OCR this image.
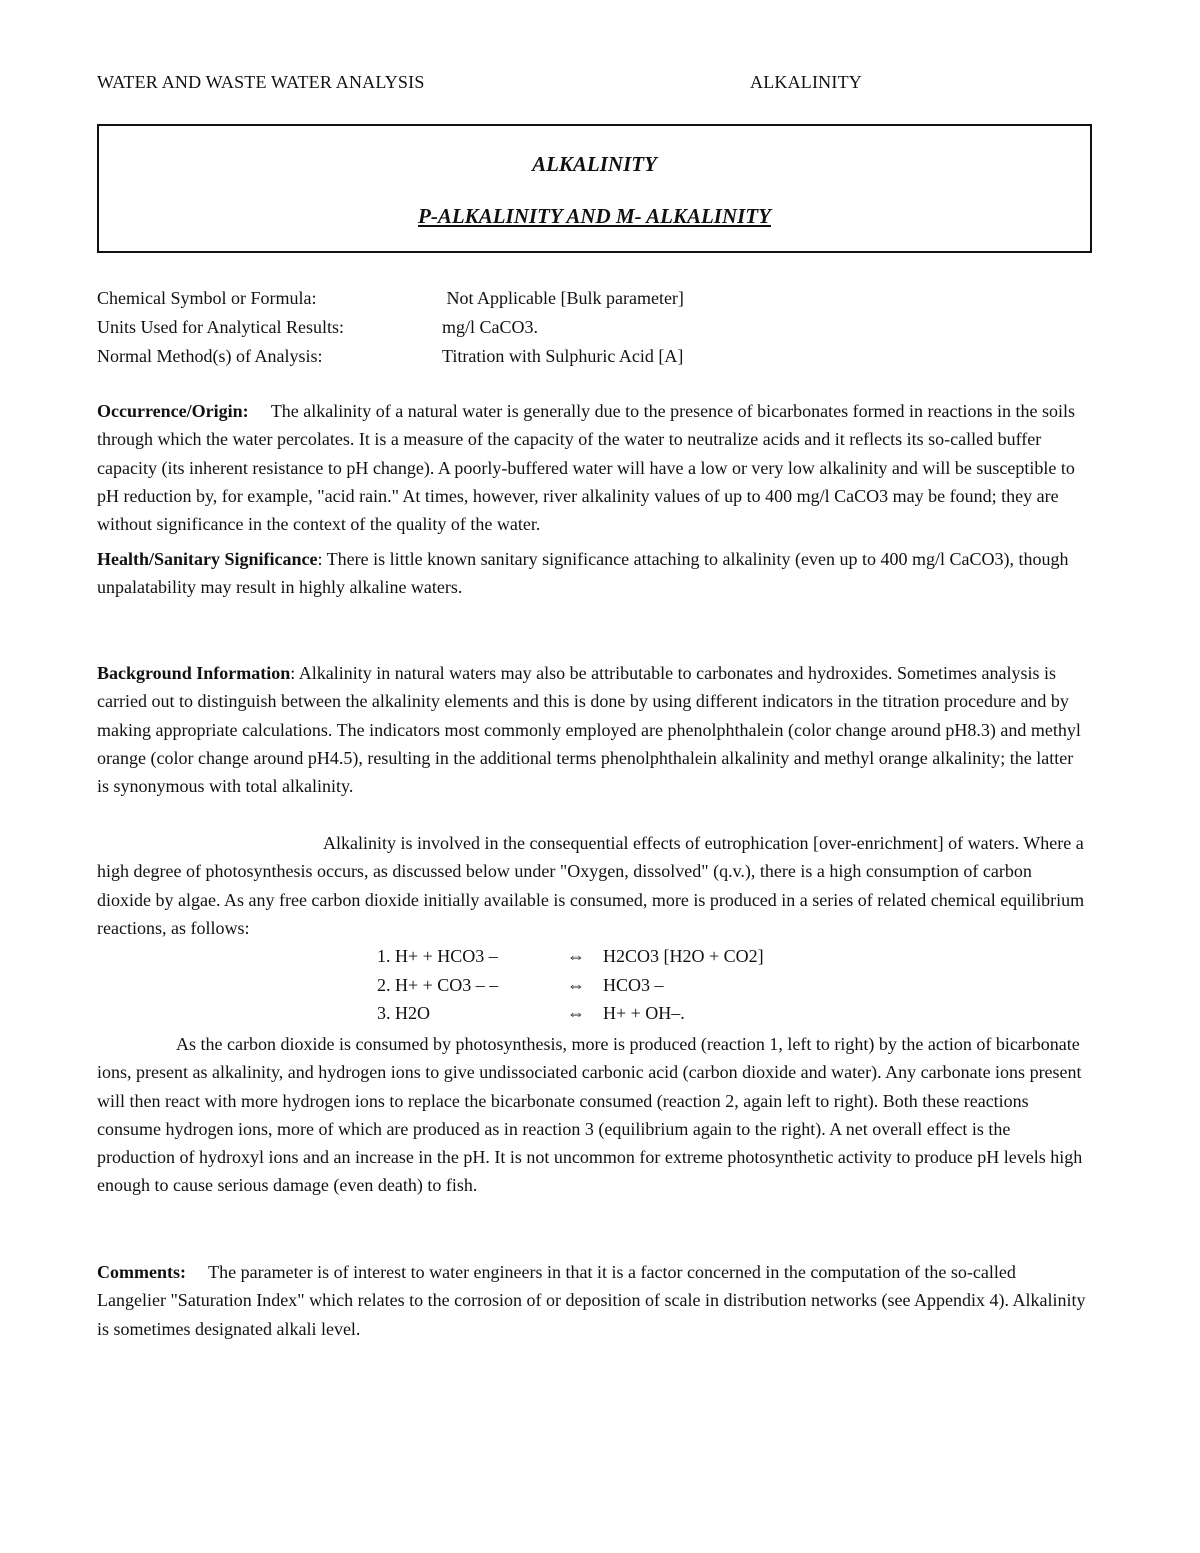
WATER AND WASTE WATER ANALYSIS	ALKALINITY
ALKALINITY
P-ALKALINITY AND M- ALKALINITY
Chemical Symbol or Formula:	Not Applicable [Bulk parameter]
Units Used for Analytical Results:	mg/l CaCO3.
Normal Method(s) of Analysis:	Titration with Sulphuric Acid [A]

Occurrence/Origin: The alkalinity of a natural water is generally due to the presence of bicarbonates formed in reactions in the soils through which the water percolates. It is a measure of the capacity of the water to neutralize acids and it reflects its so-called buffer capacity (its inherent resistance to pH change). A poorly-buffered water will have a low or very low alkalinity and will be susceptible to pH reduction by, for example, "acid rain." At times, however, river alkalinity values of up to 400 mg/l CaCO3 may be found; they are without significance in the context of the quality of the water.

Health/Sanitary Significance: There is little known sanitary significance attaching to alkalinity (even up to 400 mg/l CaCO3), though unpalatability may result in highly alkaline waters.

Background Information: Alkalinity in natural waters may also be attributable to carbonates and hydroxides. Sometimes analysis is carried out to distinguish between the alkalinity elements and this is done by using different indicators in the titration procedure and by making appropriate calculations. The indicators most commonly employed are phenolphthalein (color change around pH8.3) and methyl orange (color change around pH4.5), resulting in the additional terms phenolphthalein alkalinity and methyl orange alkalinity; the latter is synonymous with total alkalinity.

Alkalinity is involved in the consequential effects of eutrophication [over-enrichment] of waters. Where a high degree of photosynthesis occurs, as discussed below under "Oxygen, dissolved" (q.v.), there is a high consumption of carbon dioxide by algae. As any free carbon dioxide initially available is consumed, more is produced in a series of related chemical equilibrium reactions, as follows:

1. H+ + HCO3 –	⇔ H2CO3 [H2O + CO2]
2. H+ + CO3 – –	⇔ HCO3 –
3. H2O	⇔ H+ + OH–.

As the carbon dioxide is consumed by photosynthesis, more is produced (reaction 1, left to right) by the action of bicarbonate ions, present as alkalinity, and hydrogen ions to give undissociated carbonic acid (carbon dioxide and water). Any carbonate ions present will then react with more hydrogen ions to replace the bicarbonate consumed (reaction 2, again left to right). Both these reactions consume hydrogen ions, more of which are produced as in reaction 3 (equilibrium again to the right). A net overall effect is the production of hydroxyl ions and an increase in the pH. It is not uncommon for extreme photosynthetic activity to produce pH levels high enough to cause serious damage (even death) to fish.

Comments: The parameter is of interest to water engineers in that it is a factor concerned in the computation of the so-called Langelier "Saturation Index" which relates to the corrosion of or deposition of scale in distribution networks (see Appendix 4). Alkalinity is sometimes designated alkali level.
